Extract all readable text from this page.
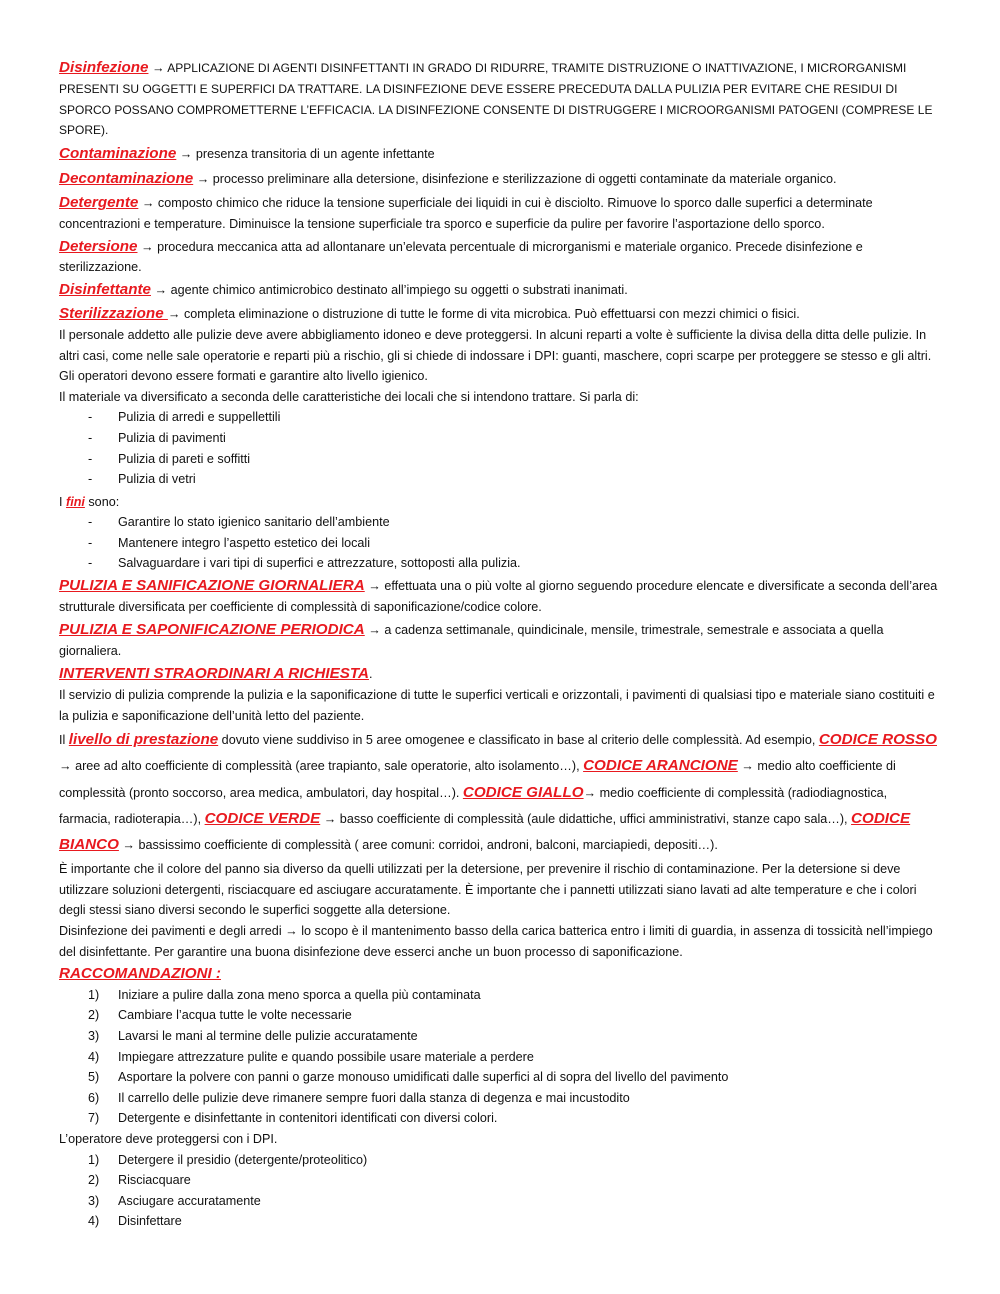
Disinfezione → APPLICAZIONE DI AGENTI DISINFETTANTI IN GRADO DI RIDURRE, TRAMITE DISTRUZIONE O INATTIVAZIONE, I MICRORGANISMI PRESENTI SU OGGETTI E SUPERFICI DA TRATTARE. LA DISINFEZIONE DEVE ESSERE PRECEDUTA DALLA PULIZIA PER EVITARE CHE RESIDUI DI SPORCO POSSANO COMPROMETTERNE L’EFFICACIA. LA DISINFEZIONE CONSENTE DI DISTRUGGERE I MICROORGANISMI PATOGENI (COMPRESE LE SPORE).

Contaminazione → presenza transitoria di un agente infettante

Decontaminazione → processo preliminare alla detersione, disinfezione e sterilizzazione di oggetti contaminate da materiale organico.

Detergente → composto chimico che riduce la tensione superficiale dei liquidi in cui è disciolto. Rimuove lo sporco dalle superfici a determinate concentrazioni e temperature. Diminuisce la tensione superficiale tra sporco e superficie da pulire per favorire l’asportazione dello sporco.

Detersione → procedura meccanica atta ad allontanare un’elevata percentuale di microrganismi e materiale organico. Precede disinfezione e sterilizzazione.

Disinfettante → agente chimico antimicrobico destinato all’impiego su oggetti o substrati inanimati.

Sterilizzazione → completa eliminazione o distruzione di tutte le forme di vita microbica. Può effettuarsi con mezzi chimici o fisici.

Il personale addetto alle pulizie deve avere abbigliamento idoneo e deve proteggersi. In alcuni reparti a volte è sufficiente la divisa della ditta delle pulizie. In altri casi, come nelle sale operatorie e reparti più a rischio, gli si chiede di indossare i DPI: guanti, maschere, copri scarpe per proteggere se stesso e gli altri. Gli operatori devono essere formati e garantire alto livello igienico.

Il materiale va diversificato a seconda delle caratteristiche dei locali che si intendono trattare. Si parla di:

- Pulizia di arredi e suppellettili
- Pulizia di pavimenti
- Pulizia di pareti e soffitti
- Pulizia di vetri

I fini sono:

- Garantire lo stato igienico sanitario dell’ambiente
- Mantenere integro l’aspetto estetico dei locali
- Salvaguardare i vari tipi di superfici e attrezzature, sottoposti alla pulizia.

PULIZIA E SANIFICAZIONE GIORNALIERA → effettuata una o più volte al giorno seguendo procedure elencate e diversificate a seconda dell’area strutturale diversificata per coefficiente di complessità di saponificazione/codice colore.

PULIZIA E SAPONIFICAZIONE PERIODICA → a cadenza settimanale, quindicinale, mensile, trimestrale, semestrale e associata a quella giornaliera.

INTERVENTI STRAORDINARI A RICHIESTA.

Il servizio di pulizia comprende la pulizia e la saponificazione di tutte le superfici verticali e orizzontali, i pavimenti di qualsiasi tipo e materiale siano costituiti e la pulizia e saponificazione dell’unità letto del paziente.

Il livello di prestazione dovuto viene suddiviso in 5 aree omogenee e classificato in base al criterio delle complessità. Ad esempio, CODICE ROSSO → aree ad alto coefficiente di complessità (aree trapianto, sale operatorie, alto isolamento…), CODICE ARANCIONE → medio alto coefficiente di complessità (pronto soccorso, area medica, ambulatori, day hospital…). CODICE GIALLO→ medio coefficiente di complessità (radiodiagnostica, farmacia, radioterapia…), CODICE VERDE → basso coefficiente di complessità (aule didattiche, uffici amministrativi, stanze capo sala…), CODICE BIANCO → bassissimo coefficiente di complessità ( aree comuni: corridoi, androni, balconi, marciapiedi, depositi…).

È importante che il colore del panno sia diverso da quelli utilizzati per la detersione, per prevenire il rischio di contaminazione. Per la detersione si deve utilizzare soluzioni detergenti, risciacquare ed asciugare accuratamente. È importante che i pannetti utilizzati siano lavati ad alte temperature e che i colori degli stessi siano diversi secondo le superfici soggette alla detersione.

Disinfezione dei pavimenti e degli arredi → lo scopo è il mantenimento basso della carica batterica entro i limiti di guardia, in assenza di tossicità nell’impiego del disinfettante. Per garantire una buona disinfezione deve esserci anche un buon processo di saponificazione.

RACCOMANDAZIONI :

1) Iniziare a pulire dalla zona meno sporca a quella più contaminata
2) Cambiare l’acqua tutte le volte necessarie
3) Lavarsi le mani al termine delle pulizie accuratamente
4) Impiegare attrezzature pulite e quando possibile usare materiale a perdere
5) Asportare la polvere con panni o garze monouso umidificati dalle superfici al di sopra del livello del pavimento
6) Il carrello delle pulizie deve rimanere sempre fuori dalla stanza di degenza e mai incustodito
7) Detergente e disinfettante in contenitori identificati con diversi colori.

L’operatore deve proteggersi con i DPI.

1) Detergere il presidio (detergente/proteolitico)
2) Risciacquare
3) Asciugare accuratamente
4) Disinfettare
